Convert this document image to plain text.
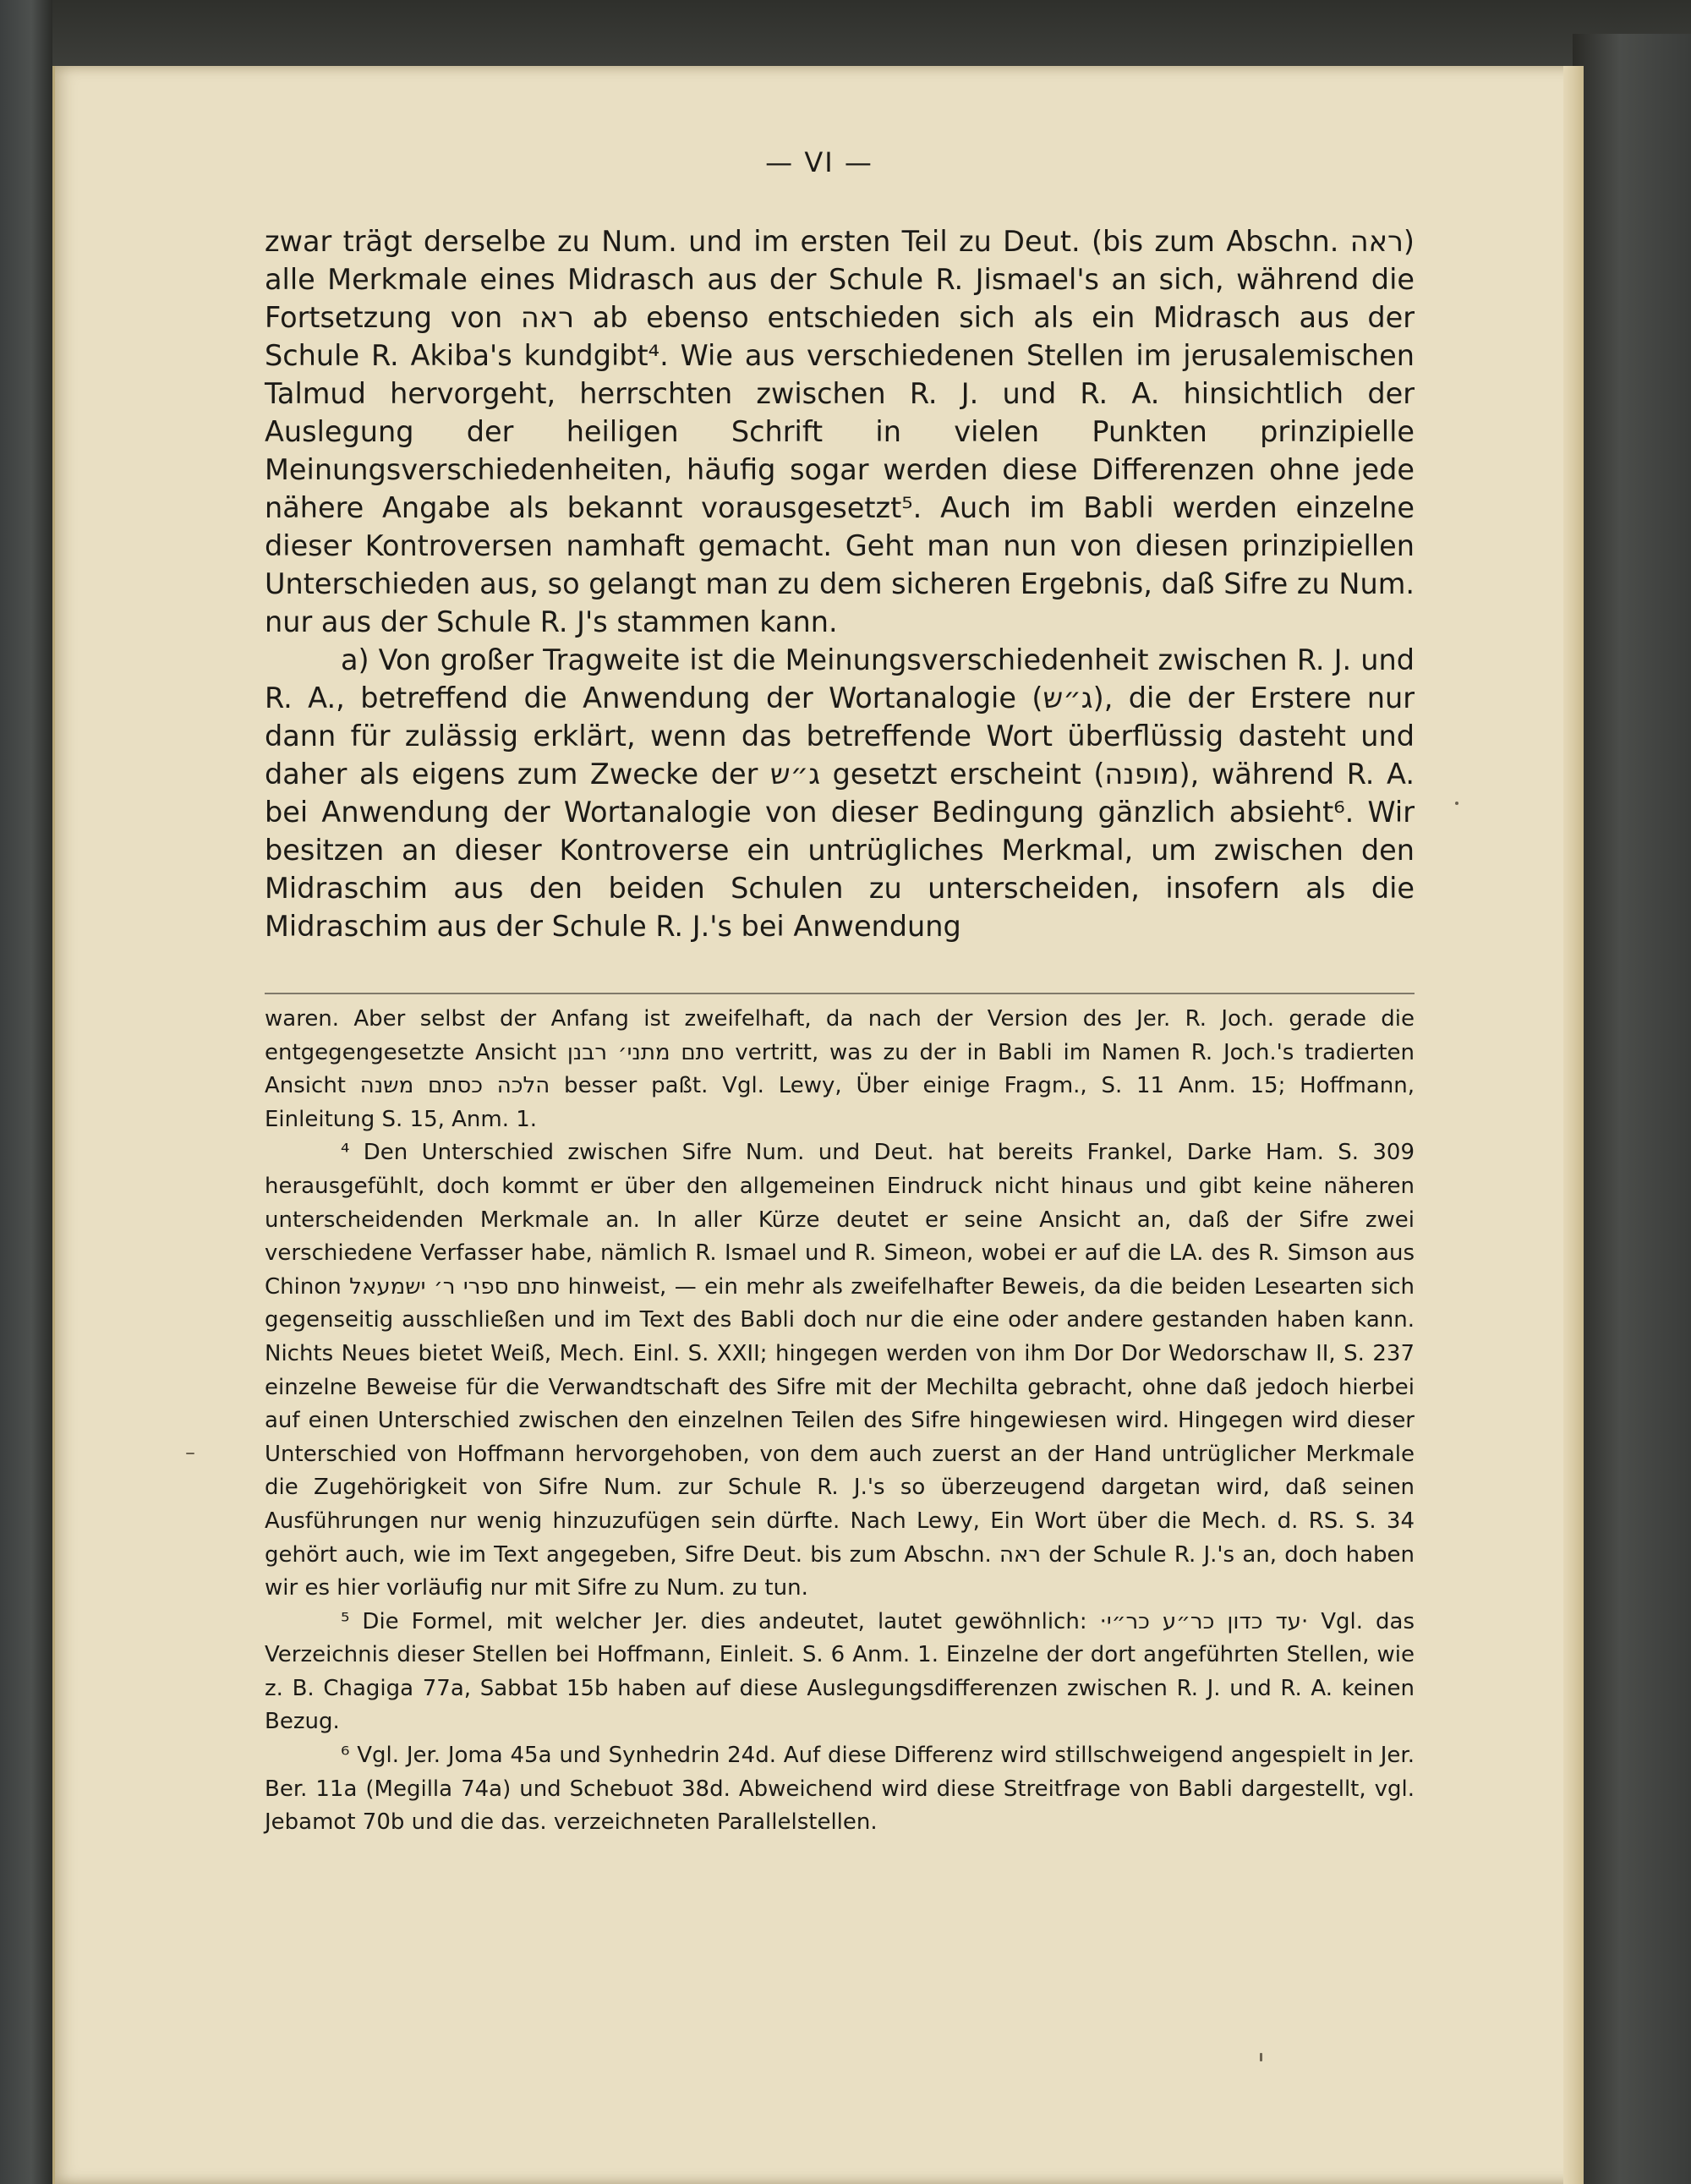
— VI —

zwar trägt derselbe zu Num. und im ersten Teil zu Deut. (bis zum Abschn. ראה) alle Merkmale eines Midrasch aus der Schule R. Jismael's an sich, während die Fortsetzung von ראה ab ebenso entschieden sich als ein Midrasch aus der Schule R. Akiba's kundgibt⁴. Wie aus verschiedenen Stellen im jerusalemischen Talmud hervorgeht, herrschten zwischen R. J. und R. A. hinsichtlich der Auslegung der heiligen Schrift in vielen Punkten prinzipielle Meinungsverschiedenheiten, häufig sogar werden diese Differenzen ohne jede nähere Angabe als bekannt vorausgesetzt⁵. Auch im Babli werden einzelne dieser Kontroversen namhaft gemacht. Geht man nun von diesen prinzipiellen Unterschieden aus, so gelangt man zu dem sicheren Ergebnis, daß Sifre zu Num. nur aus der Schule R. J's stammen kann.

a) Von großer Tragweite ist die Meinungsverschiedenheit zwischen R. J. und R. A., betreffend die Anwendung der Wortanalogie (ג״ש), die der Erstere nur dann für zulässig erklärt, wenn das betreffende Wort überflüssig dasteht und daher als eigens zum Zwecke der ג״ש gesetzt erscheint (מופנה), während R. A. bei Anwendung der Wortanalogie von dieser Bedingung gänzlich absieht⁶. Wir besitzen an dieser Kontroverse ein untrügliches Merkmal, um zwischen den Midraschim aus den beiden Schulen zu unterscheiden, insofern als die Midraschim aus der Schule R. J.'s bei Anwendung

waren. Aber selbst der Anfang ist zweifelhaft, da nach der Version des Jer. R. Joch. gerade die entgegengesetzte Ansicht סתם מתני׳ רבנן vertritt, was zu der in Babli im Namen R. Joch.'s tradierten Ansicht הלכה כסתם משנה besser paßt. Vgl. Lewy, Über einige Fragm., S. 11 Anm. 15; Hoffmann, Einleitung S. 15, Anm. 1.

⁴ Den Unterschied zwischen Sifre Num. und Deut. hat bereits Frankel, Darke Ham. S. 309 herausgefühlt, doch kommt er über den allgemeinen Eindruck nicht hinaus und gibt keine näheren unterscheidenden Merkmale an. In aller Kürze deutet er seine Ansicht an, daß der Sifre zwei verschiedene Verfasser habe, nämlich R. Ismael und R. Simeon, wobei er auf die LA. des R. Simson aus Chinon סתם ספרי ר׳ ישמעאל hinweist, — ein mehr als zweifelhafter Beweis, da die beiden Lesearten sich gegenseitig ausschließen und im Text des Babli doch nur die eine oder andere gestanden haben kann. Nichts Neues bietet Weiß, Mech. Einl. S. XXII; hingegen werden von ihm Dor Dor Wedorschaw II, S. 237 einzelne Beweise für die Verwandtschaft des Sifre mit der Mechilta gebracht, ohne daß jedoch hierbei auf einen Unterschied zwischen den einzelnen Teilen des Sifre hingewiesen wird. Hingegen wird dieser Unterschied von Hoffmann hervorgehoben, von dem auch zuerst an der Hand untrüglicher Merkmale die Zugehörigkeit von Sifre Num. zur Schule R. J.'s so überzeugend dargetan wird, daß seinen Ausführungen nur wenig hinzuzufügen sein dürfte. Nach Lewy, Ein Wort über die Mech. d. RS. S. 34 gehört auch, wie im Text angegeben, Sifre Deut. bis zum Abschn. ראה der Schule R. J.'s an, doch haben wir es hier vorläufig nur mit Sifre zu Num. zu tun.

⁵ Die Formel, mit welcher Jer. dies andeutet, lautet gewöhnlich: ·עד כדון כר״ע כר״י· Vgl. das Verzeichnis dieser Stellen bei Hoffmann, Einleit. S. 6 Anm. 1. Einzelne der dort angeführten Stellen, wie z. B. Chagiga 77a, Sabbat 15b haben auf diese Auslegungsdifferenzen zwischen R. J. und R. A. keinen Bezug.

⁶ Vgl. Jer. Joma 45a und Synhedrin 24d. Auf diese Differenz wird stillschweigend angespielt in Jer. Ber. 11a (Megilla 74a) und Schebuot 38d. Abweichend wird diese Streitfrage von Babli dargestellt, vgl. Jebamot 70b und die das. verzeichneten Parallelstellen.
